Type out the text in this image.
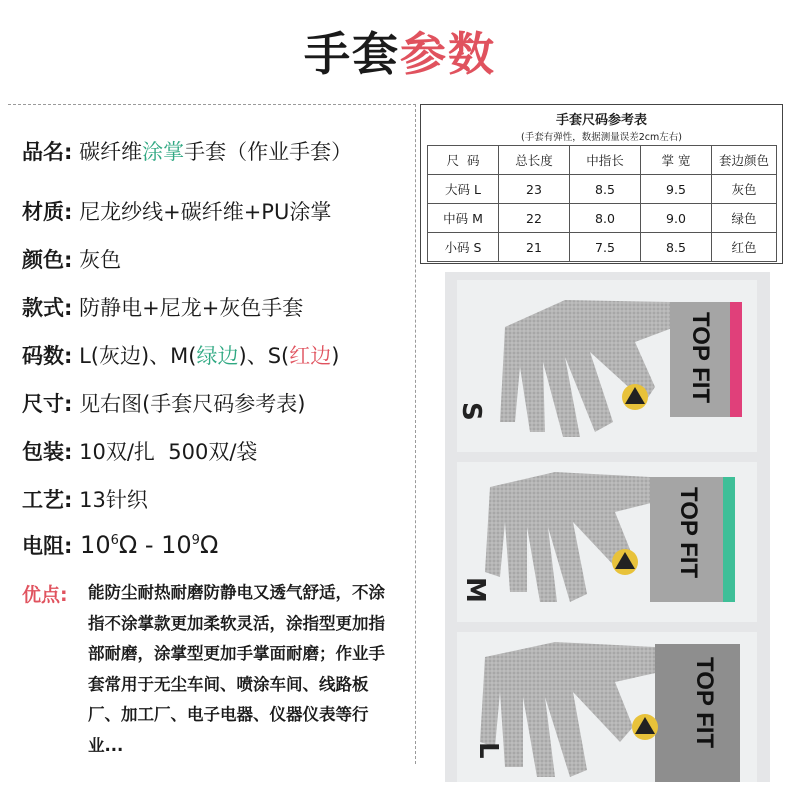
手套参数
品名: 碳纤维涂掌手套（作业手套）
材质: 尼龙纱线+碳纤维+PU涂掌
颜色: 灰色
款式: 防静电+尼龙+灰色手套
码数: L(灰边)、M(绿边)、S(红边)
尺寸: 见右图(手套尺码参考表)
包装: 10双/扎  500双/袋
工艺: 13针织
电阻: $10^6\Omega - 10^9\Omega$
优点: 能防尘耐热耐磨防静电又透气舒适，不涂指不涂掌款更加柔软灵活，涂指型更加指部耐磨，涂掌型更加手掌面耐磨；作业手套常用于无尘车间、喷涂车间、线路板厂、加工厂、电子电器、仪器仪表等行业...
手套尺码参考表
(手套有弹性，数据测量误差2cm左右)
尺  码	总长度	中指长	掌 宽	套边颜色
大码 L	23	8.5	9.5	灰色
中码 M	22	8.0	9.0	绿色
小码 S	21	7.5	8.5	红色
TOP FIT
TOP FIT
TOP FIT
S
M
L
